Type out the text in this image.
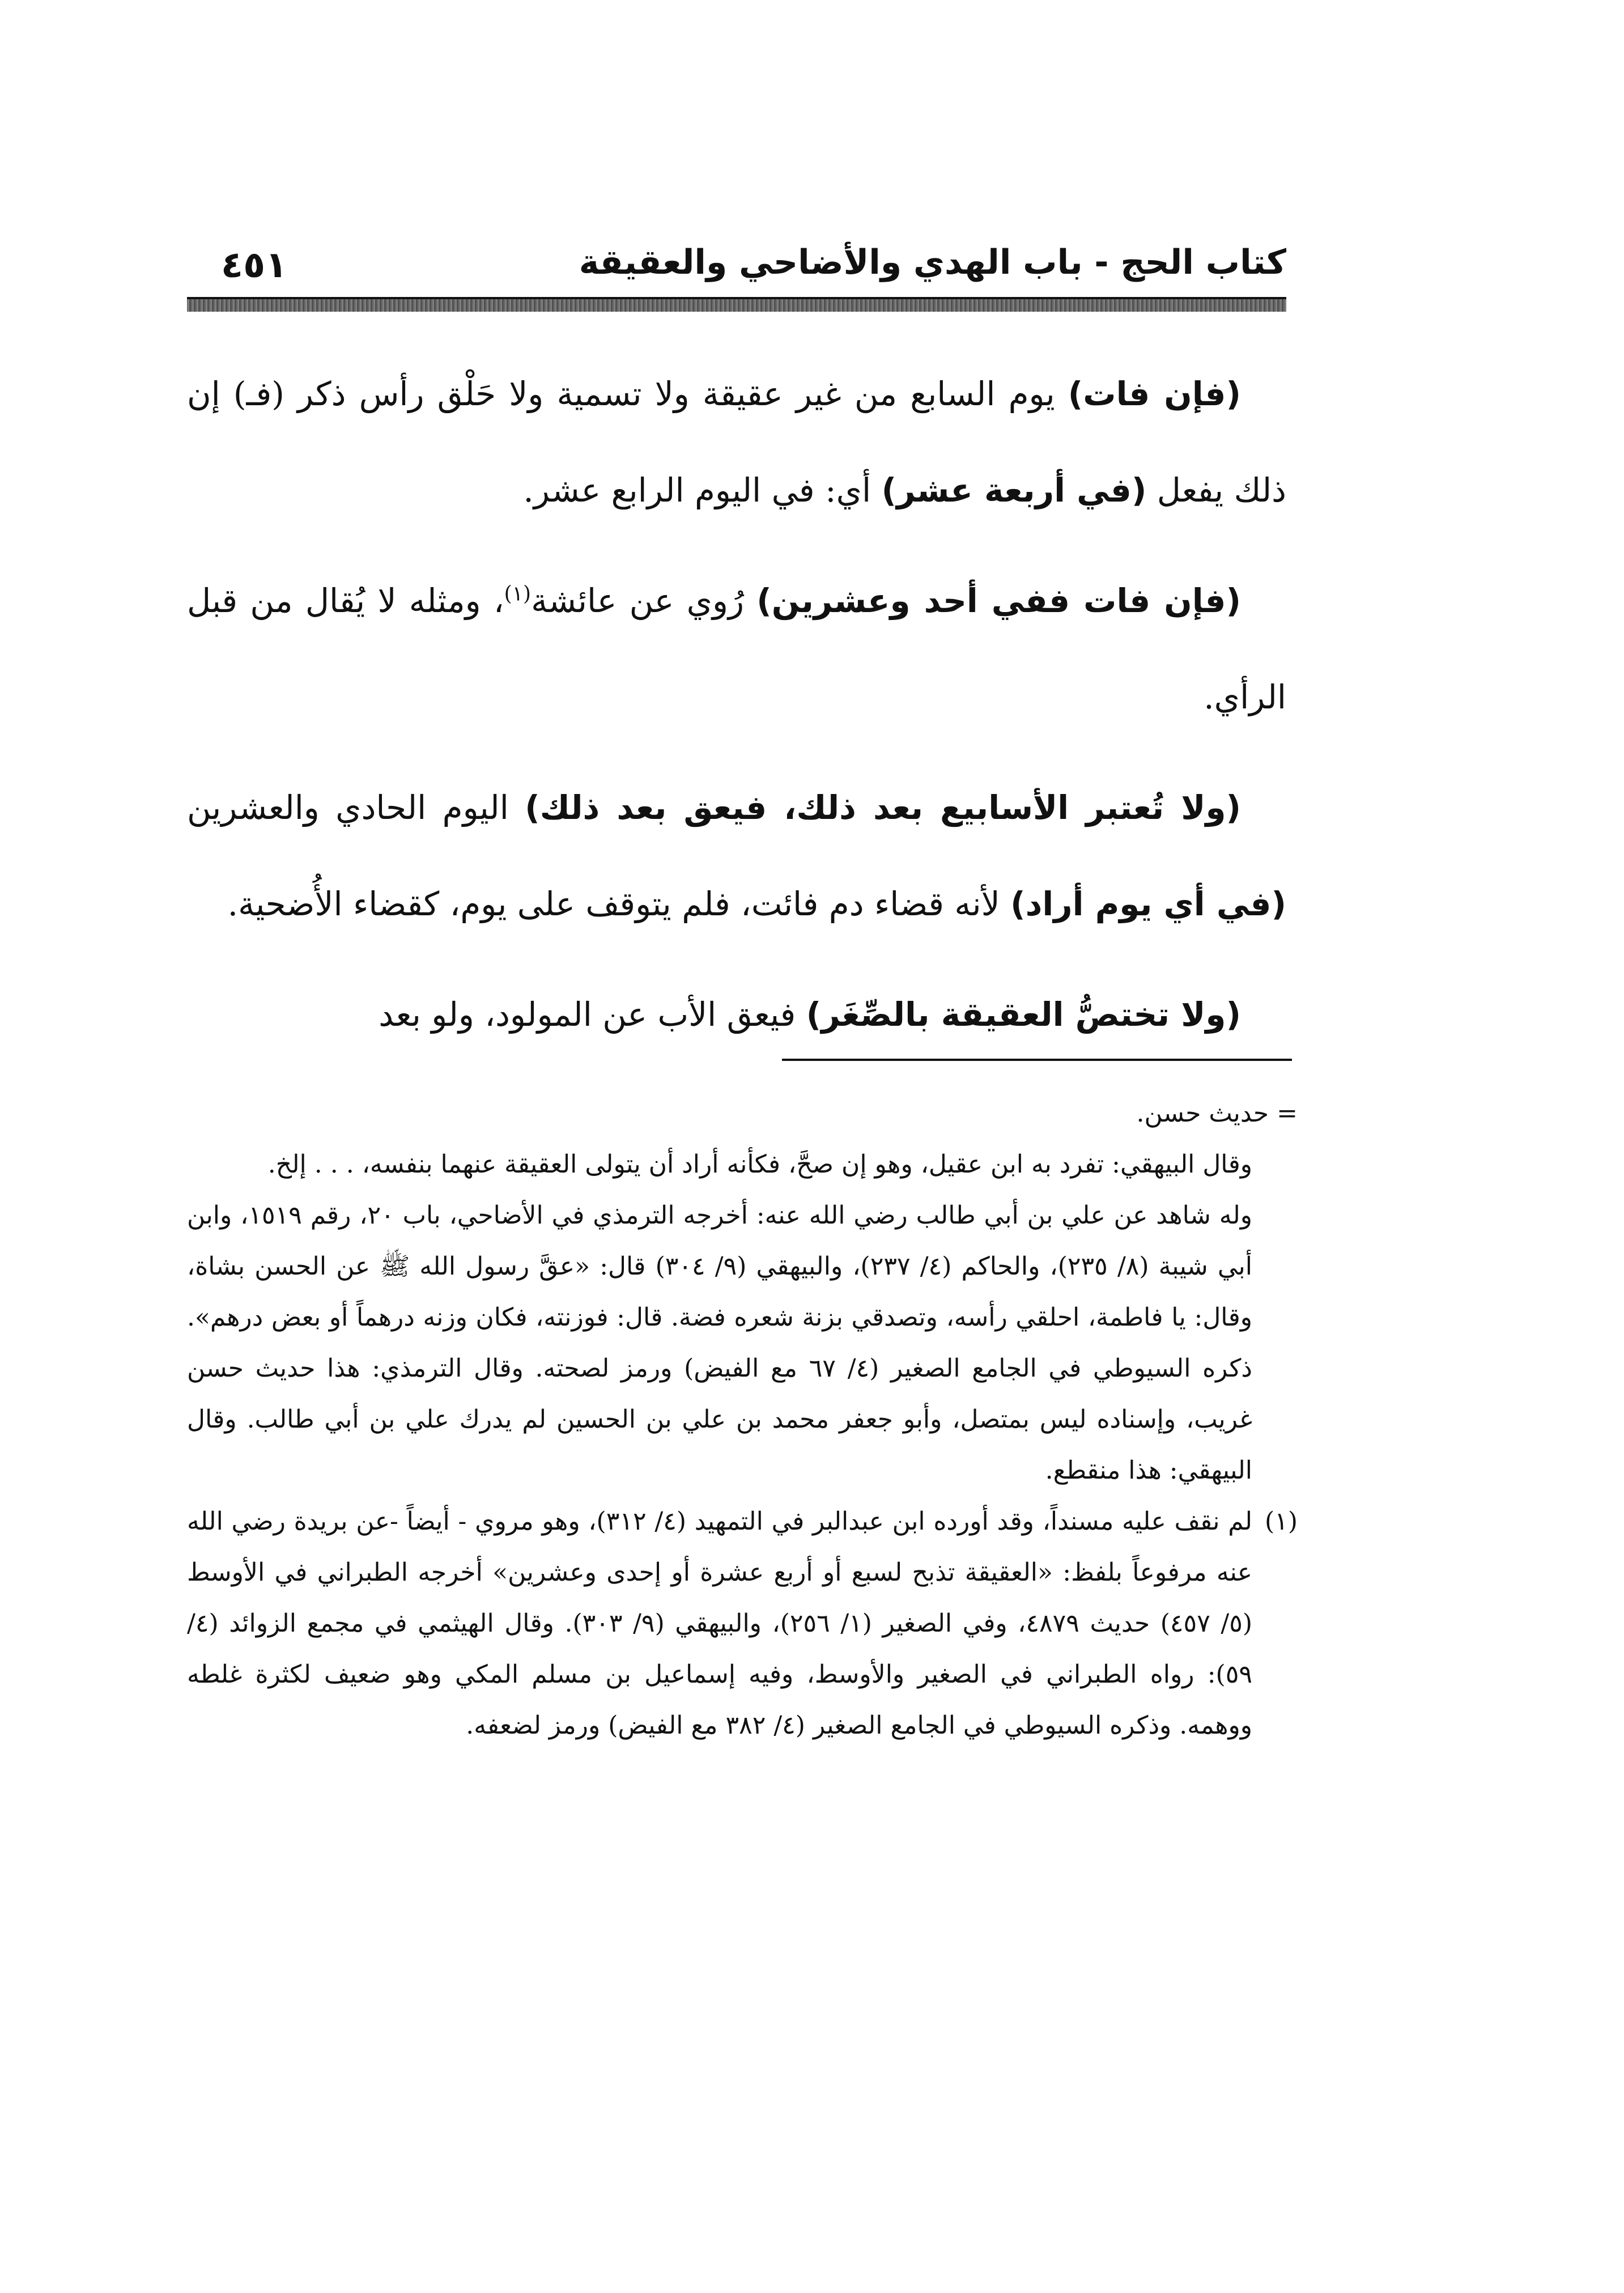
كتاب الحج - باب الهدي والأضاحي والعقيقة
٤٥١

(فإن فات) يوم السابع من غير عقيقة ولا تسمية ولا حَلْق رأس ذكر (فـ) إن ذلك يفعل (في أربعة عشر) أي: في اليوم الرابع عشر.

(فإن فات ففي أحد وعشرين) رُوي عن عائشة$^{(١)}$، ومثله لا يُقال من قبل الرأي.

(ولا تُعتبر الأسابيع بعد ذلك، فيعق بعد ذلك) اليوم الحادي والعشرين (في أي يوم أراد) لأنه قضاء دم فائت، فلم يتوقف على يوم، كقضاء الأُضحية.

(ولا تختصُّ العقيقة بالصِّغَر) فيعق الأب عن المولود، ولو بعد

= حديث حسن.

وقال البيهقي: تفرد به ابن عقيل، وهو إن صحَّ، فكأنه أراد أن يتولى العقيقة عنهما بنفسه، . . . إلخ.

وله شاهد عن علي بن أبي طالب رضي الله عنه: أخرجه الترمذي في الأضاحي، باب ٢٠، رقم ١٥١٩، وابن أبي شيبة (٨/ ٢٣٥)، والحاكم (٤/ ٢٣٧)، والبيهقي (٩/ ٣٠٤) قال: «عقَّ رسول الله ﷺ عن الحسن بشاة، وقال: يا فاطمة، احلقي رأسه، وتصدقي بزنة شعره فضة. قال: فوزنته، فكان وزنه درهماً أو بعض درهم». ذكره السيوطي في الجامع الصغير (٤/ ٦٧ مع الفيض) ورمز لصحته. وقال الترمذي: هذا حديث حسن غريب، وإسناده ليس بمتصل، وأبو جعفر محمد بن علي بن الحسين لم يدرك علي بن أبي طالب. وقال البيهقي: هذا منقطع.

(١)
لم نقف عليه مسنداً، وقد أورده ابن عبدالبر في التمهيد (٤/ ٣١٢)، وهو مروي - أيضاً -عن بريدة رضي الله عنه مرفوعاً بلفظ: «العقيقة تذبح لسبع أو أربع عشرة أو إحدى وعشرين» أخرجه الطبراني في الأوسط (٥/ ٤٥٧) حديث ٤٨٧٩، وفي الصغير (١/ ٢٥٦)، والبيهقي (٩/ ٣٠٣). وقال الهيثمي في مجمع الزوائد (٤/ ٥٩): رواه الطبراني في الصغير والأوسط، وفيه إسماعيل بن مسلم المكي وهو ضعيف لكثرة غلطه ووهمه. وذكره السيوطي في الجامع الصغير (٤/ ٣٨٢ مع الفيض) ورمز لضعفه.
